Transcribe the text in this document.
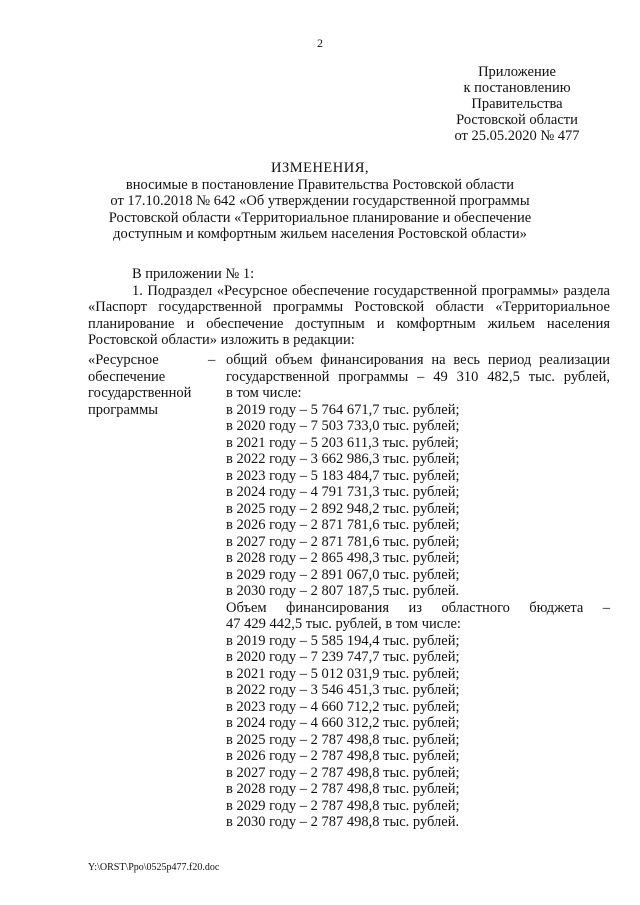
2
Приложение
к постановлению
Правительства
Ростовской области
от 25.05.2020 № 477
ИЗМЕНЕНИЯ,
вносимые в постановление Правительства Ростовской области
от 17.10.2018 № 642 «Об утверждении государственной программы
Ростовской области «Территориальное планирование и обеспечение
доступным и комфортным жильем населения Ростовской области»

В приложении № 1:

1. Подраздел «Ресурсное обеспечение государственной программы» раздела «Паспорт государственной программы Ростовской области «Территориальное планирование и обеспечение доступным и комфортным жильем населения Ростовской области» изложить в редакции:

«Ресурсное
обеспечение
государственной
программы
– общий объем финансирования на весь период реализации
государственной программы – 49 310 482,5 тыс. рублей,
в том числе:
в 2019 году – 5 764 671,7 тыс. рублей;
в 2020 году – 7 503 733,0 тыс. рублей;
в 2021 году – 5 203 611,3 тыс. рублей;
в 2022 году – 3 662 986,3 тыс. рублей;
в 2023 году – 5 183 484,7 тыс. рублей;
в 2024 году – 4 791 731,3 тыс. рублей;
в 2025 году – 2 892 948,2 тыс. рублей;
в 2026 году – 2 871 781,6 тыс. рублей;
в 2027 году – 2 871 781,6 тыс. рублей;
в 2028 году – 2 865 498,3 тыс. рублей;
в 2029 году – 2 891 067,0 тыс. рублей;
в 2030 году – 2 807 187,5 тыс. рублей.
Объем финансирования из областного бюджета –
47 429 442,5 тыс. рублей, в том числе:
в 2019 году – 5 585 194,4 тыс. рублей;
в 2020 году – 7 239 747,7 тыс. рублей;
в 2021 году – 5 012 031,9 тыс. рублей;
в 2022 году – 3 546 451,3 тыс. рублей;
в 2023 году – 4 660 712,2 тыс. рублей;
в 2024 году – 4 660 312,2 тыс. рублей;
в 2025 году – 2 787 498,8 тыс. рублей;
в 2026 году – 2 787 498,8 тыс. рублей;
в 2027 году – 2 787 498,8 тыс. рублей;
в 2028 году – 2 787 498,8 тыс. рублей;
в 2029 году – 2 787 498,8 тыс. рублей;
в 2030 году – 2 787 498,8 тыс. рублей.
Y:\ORST\Ppo\0525p477.f20.doc
